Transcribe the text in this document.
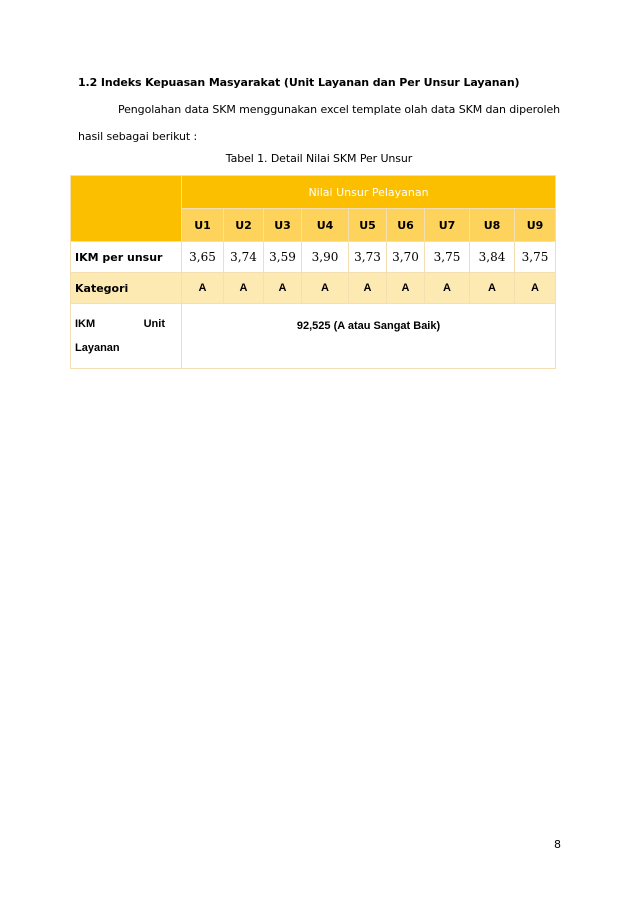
1.2 Indeks Kepuasan Masyarakat (Unit Layanan dan Per Unsur Layanan)
Pengolahan data SKM menggunakan excel template olah data SKM dan diperoleh hasil sebagai berikut :
Tabel 1. Detail Nilai SKM Per Unsur
	Nilai Unsur Pelayanan								
	U1	U2	U3	U4	U5	U6	U7	U8	U9
IKM per unsur	3,65	3,74	3,59	3,90	3,73	3,70	3,75	3,84	3,75
Kategori	A	A	A	A	A	A	A	A	A

IKM Unit
Layanan	92,525 (A atau Sangat Baik)								
8
